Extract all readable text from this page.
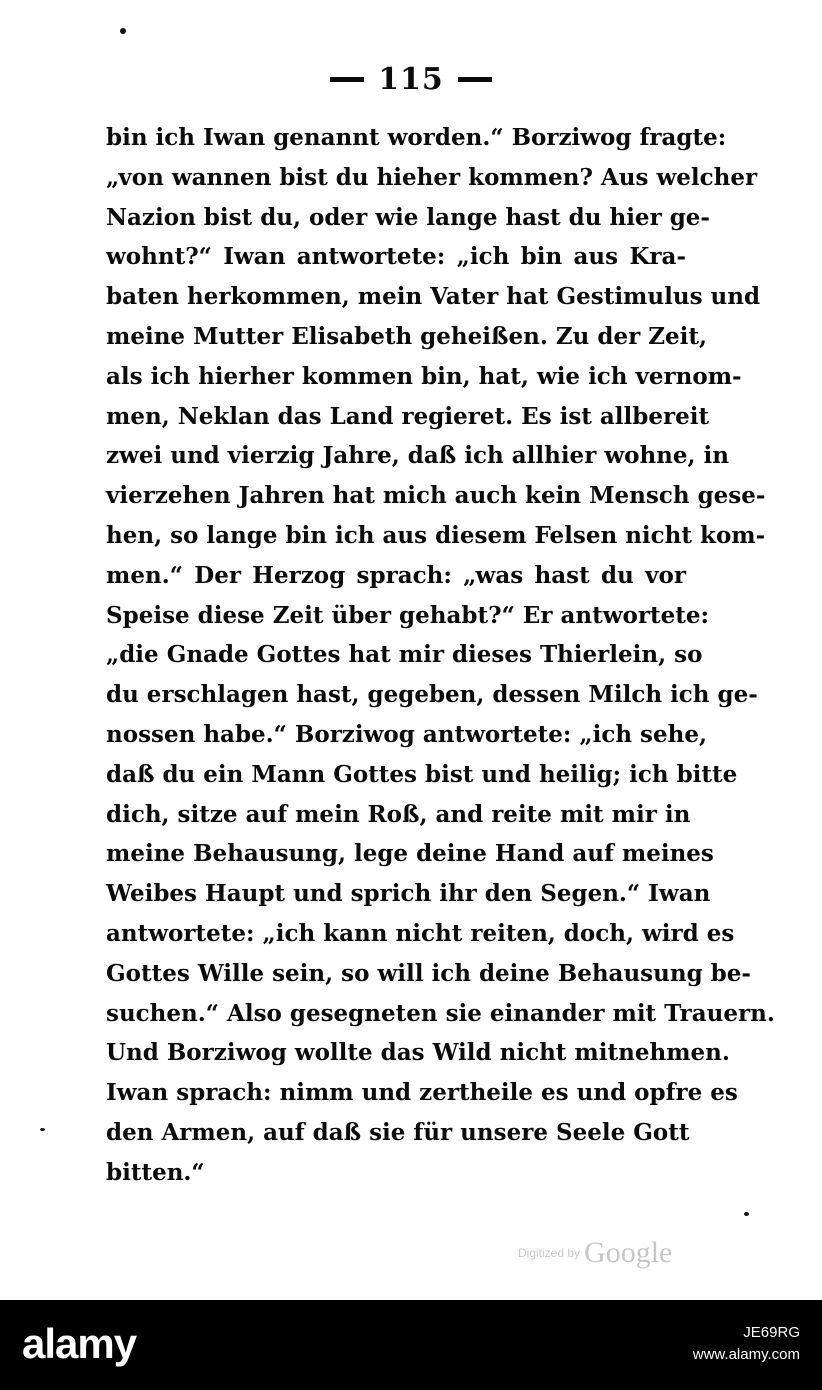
115
bin ich Iwan genannt worden.“ Borziwog fragte:
„von wannen bist du hieher kommen? Aus welcher
Nazion bist du, oder wie lange hast du hier ge-
wohnt?“ Iwan antwortete: „ich bin aus Kra-
baten herkommen, mein Vater hat Gestimulus und
meine Mutter Elisabeth geheißen. Zu der Zeit,
als ich hierher kommen bin, hat, wie ich vernom-
men, Neklan das Land regieret. Es ist allbereit
zwei und vierzig Jahre, daß ich allhier wohne, in
vierzehen Jahren hat mich auch kein Mensch gese-
hen, so lange bin ich aus diesem Felsen nicht kom-
men.“ Der Herzog sprach: „was hast du vor
Speise diese Zeit über gehabt?“ Er antwortete:
„die Gnade Gottes hat mir dieses Thierlein, so
du erschlagen hast, gegeben, dessen Milch ich ge-
nossen habe.“ Borziwog antwortete: „ich sehe,
daß du ein Mann Gottes bist und heilig; ich bitte
dich, sitze auf mein Roß, and reite mit mir in
meine Behausung, lege deine Hand auf meines
Weibes Haupt und sprich ihr den Segen.“ Iwan
antwortete: „ich kann nicht reiten, doch, wird es
Gottes Wille sein, so will ich deine Behausung be-
suchen.“ Also gesegneten sie einander mit Trauern.
Und Borziwog wollte das Wild nicht mitnehmen.
Iwan sprach: nimm und zertheile es und opfre es
den Armen, auf daß sie für unsere Seele Gott
bitten.“
Digitized by Google
alamy	JE69RG
www.alamy.com
